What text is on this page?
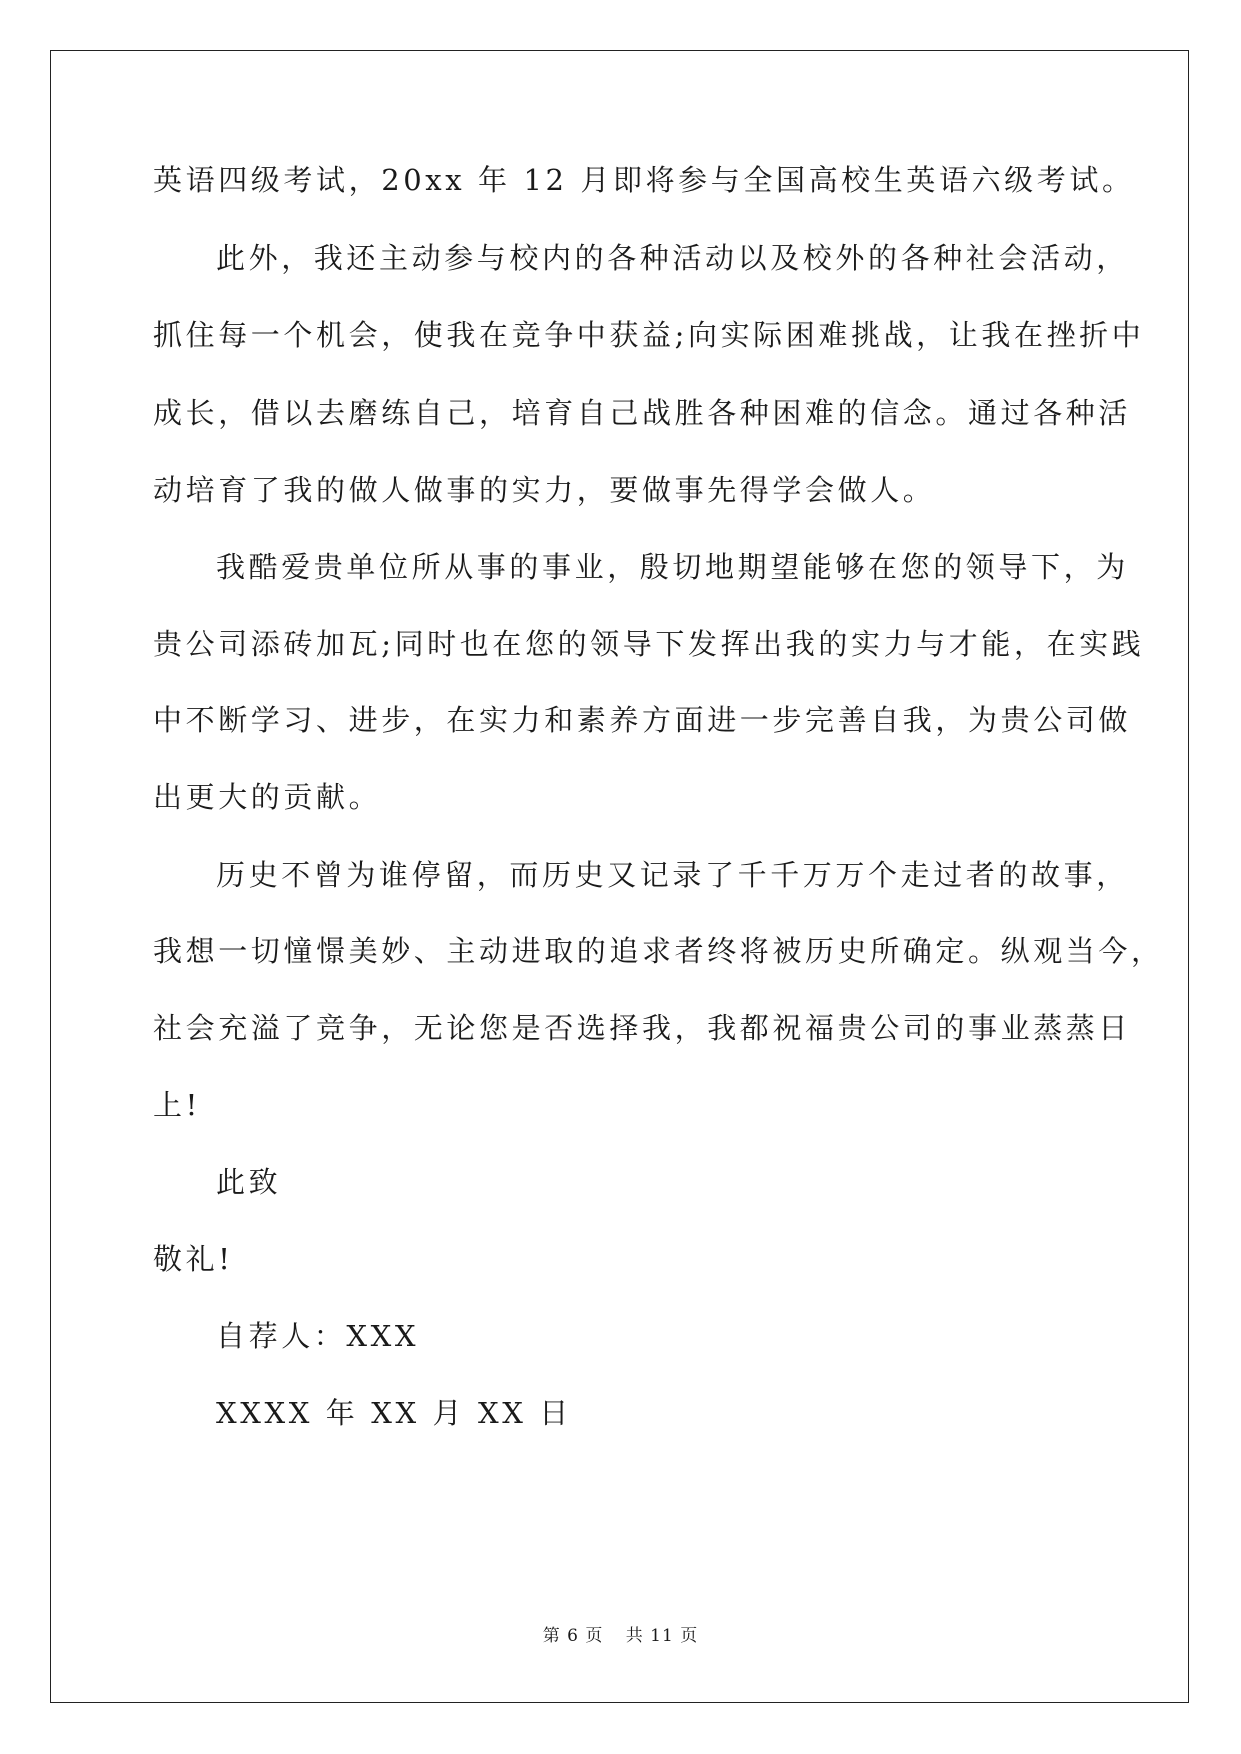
英语四级考试，20xx 年 12 月即将参与全国高校生英语六级考试。
此外，我还主动参与校内的各种活动以及校外的各种社会活动，
抓住每一个机会，使我在竞争中获益;向实际困难挑战，让我在挫折中
成长，借以去磨练自己，培育自己战胜各种困难的信念。通过各种活
动培育了我的做人做事的实力，要做事先得学会做人。
我酷爱贵单位所从事的事业，殷切地期望能够在您的领导下，为
贵公司添砖加瓦;同时也在您的领导下发挥出我的实力与才能，在实践
中不断学习、进步，在实力和素养方面进一步完善自我，为贵公司做
出更大的贡献。
历史不曾为谁停留，而历史又记录了千千万万个走过者的故事，
我想一切憧憬美妙、主动进取的追求者终将被历史所确定。纵观当今，
社会充溢了竞争，无论您是否选择我，我都祝福贵公司的事业蒸蒸日
上!
此致
敬礼!
自荐人：XXX
XXXX 年 XX 月 XX 日
第 6 页 共 11 页
